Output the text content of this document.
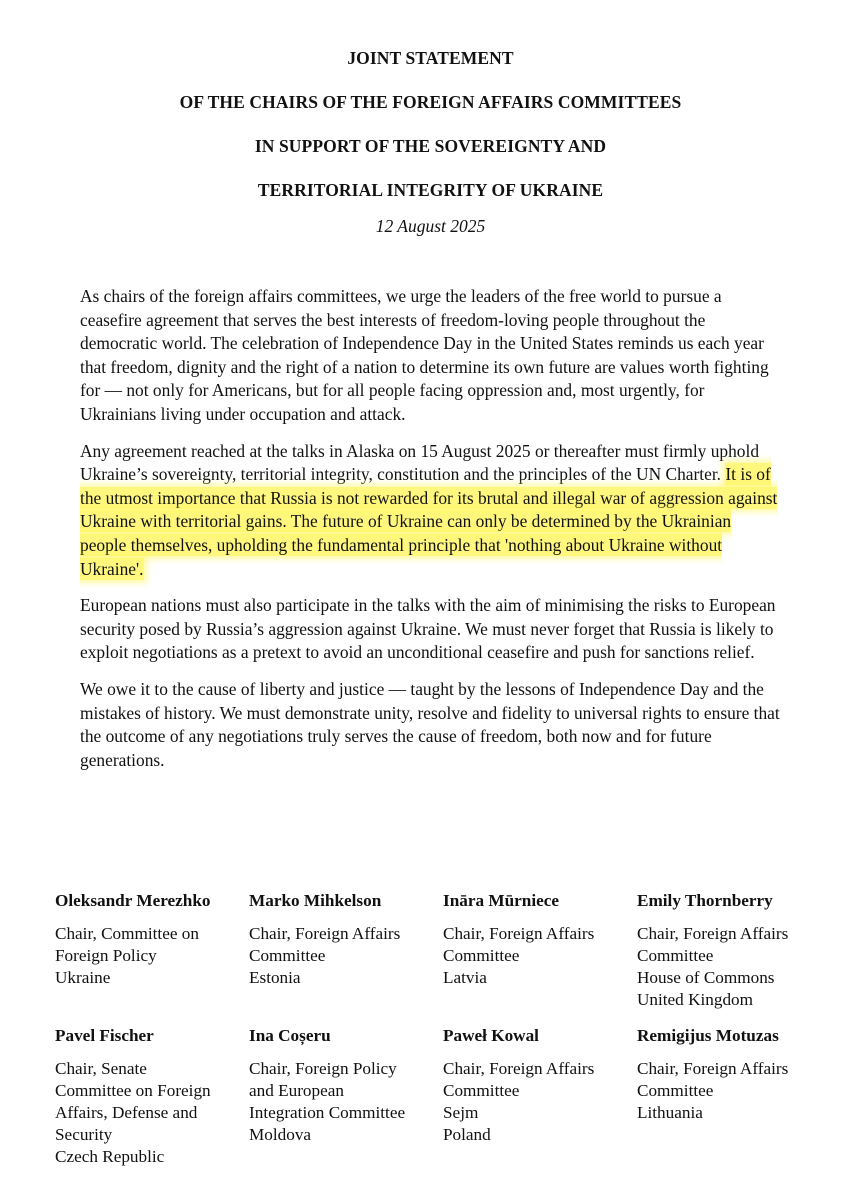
JOINT STATEMENT
OF THE CHAIRS OF THE FOREIGN AFFAIRS COMMITTEES
IN SUPPORT OF THE SOVEREIGNTY AND
TERRITORIAL INTEGRITY OF UKRAINE
12 August 2025

As chairs of the foreign affairs committees, we urge the leaders of the free world to pursue a ceasefire agreement that serves the best interests of freedom-loving people throughout the democratic world. The celebration of Independence Day in the United States reminds us each year that freedom, dignity and the right of a nation to determine its own future are values worth fighting for — not only for Americans, but for all people facing oppression and, most urgently, for Ukrainians living under occupation and attack.

Any agreement reached at the talks in Alaska on 15 August 2025 or thereafter must firmly uphold Ukraine’s sovereignty, territorial integrity, constitution and the principles of the UN Charter. It is of the utmost importance that Russia is not rewarded for its brutal and illegal war of aggression against Ukraine with territorial gains. The future of Ukraine can only be determined by the Ukrainian people themselves, upholding the fundamental principle that 'nothing about Ukraine without Ukraine'.

European nations must also participate in the talks with the aim of minimising the risks to European security posed by Russia’s aggression against Ukraine. We must never forget that Russia is likely to exploit negotiations as a pretext to avoid an unconditional ceasefire and push for sanctions relief.

We owe it to the cause of liberty and justice — taught by the lessons of Independence Day and the mistakes of history. We must demonstrate unity, resolve and fidelity to universal rights to ensure that the outcome of any negotiations truly serves the cause of freedom, both now and for future generations.

Oleksandr Merezhko
Chair, Committee on
Foreign Policy
Ukraine
Marko Mihkelson
Chair, Foreign Affairs
Committee
Estonia
Ināra Mūrniece
Chair, Foreign Affairs
Committee
Latvia
Emily Thornberry
Chair, Foreign Affairs
Committee
House of Commons
United Kingdom
Pavel Fischer
Chair, Senate
Committee on Foreign
Affairs, Defense and
Security
Czech Republic
Ina Coșeru
Chair, Foreign Policy
and European
Integration Committee
Moldova
Paweł Kowal
Chair, Foreign Affairs
Committee
Sejm
Poland
Remigijus Motuzas
Chair, Foreign Affairs
Committee
Lithuania
